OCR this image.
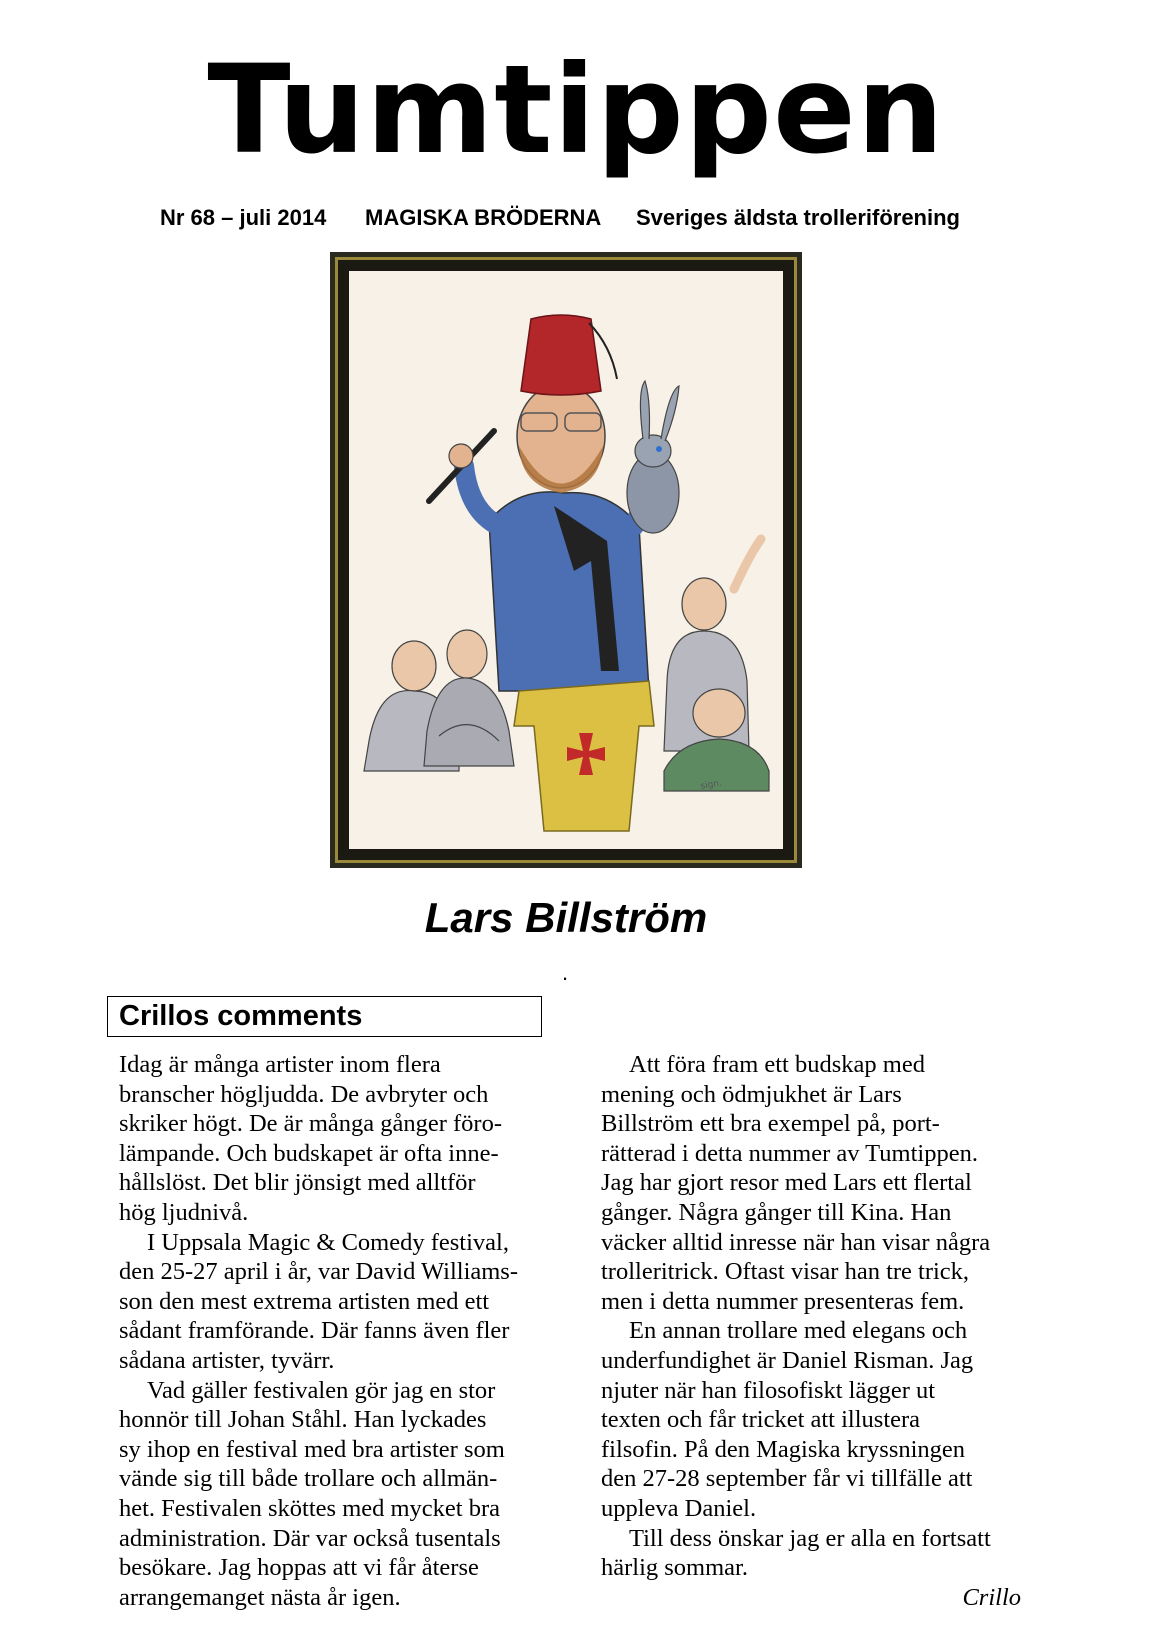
Tumtippen
Nr 68 – juli 2014 MAGISKA BRÖDERNA Sveriges äldsta trolleriförening
sign.
Lars Billström
.
Crillos comments
Idag är många artister inom flera
branscher högljudda. De avbryter och
skriker högt. De är många gånger föro-
lämpande. Och budskapet är ofta inne-
hållslöst. Det blir jönsigt med alltför
hög ljudnivå.
I Uppsala Magic & Comedy festival,
den 25-27 april i år, var David Williams-
son den mest extrema artisten med ett
sådant framförande. Där fanns även fler
sådana artister, tyvärr.
Vad gäller festivalen gör jag en stor
honnör till Johan Ståhl. Han lyckades
sy ihop en festival med bra artister som
vände sig till både trollare och allmän-
het. Festivalen sköttes med mycket bra
administration. Där var också tusentals
besökare. Jag hoppas att vi får återse
arrangemanget nästa år igen.
Att föra fram ett budskap med
mening och ödmjukhet är Lars
Billström ett bra exempel på, port-
rätterad i detta nummer av Tumtippen.
Jag har gjort resor med Lars ett flertal
gånger. Några gånger till Kina. Han
väcker alltid inresse när han visar några
trolleritrick. Oftast visar han tre trick,
men i detta nummer presenteras fem.
En annan trollare med elegans och
underfundighet är Daniel Risman. Jag
njuter när han filosofiskt lägger ut
texten och får tricket att illustera
filsofin. På den Magiska kryssningen
den 27-28 september får vi tillfälle att
uppleva Daniel.
Till dess önskar jag er alla en fortsatt
härlig sommar.
Crillo
